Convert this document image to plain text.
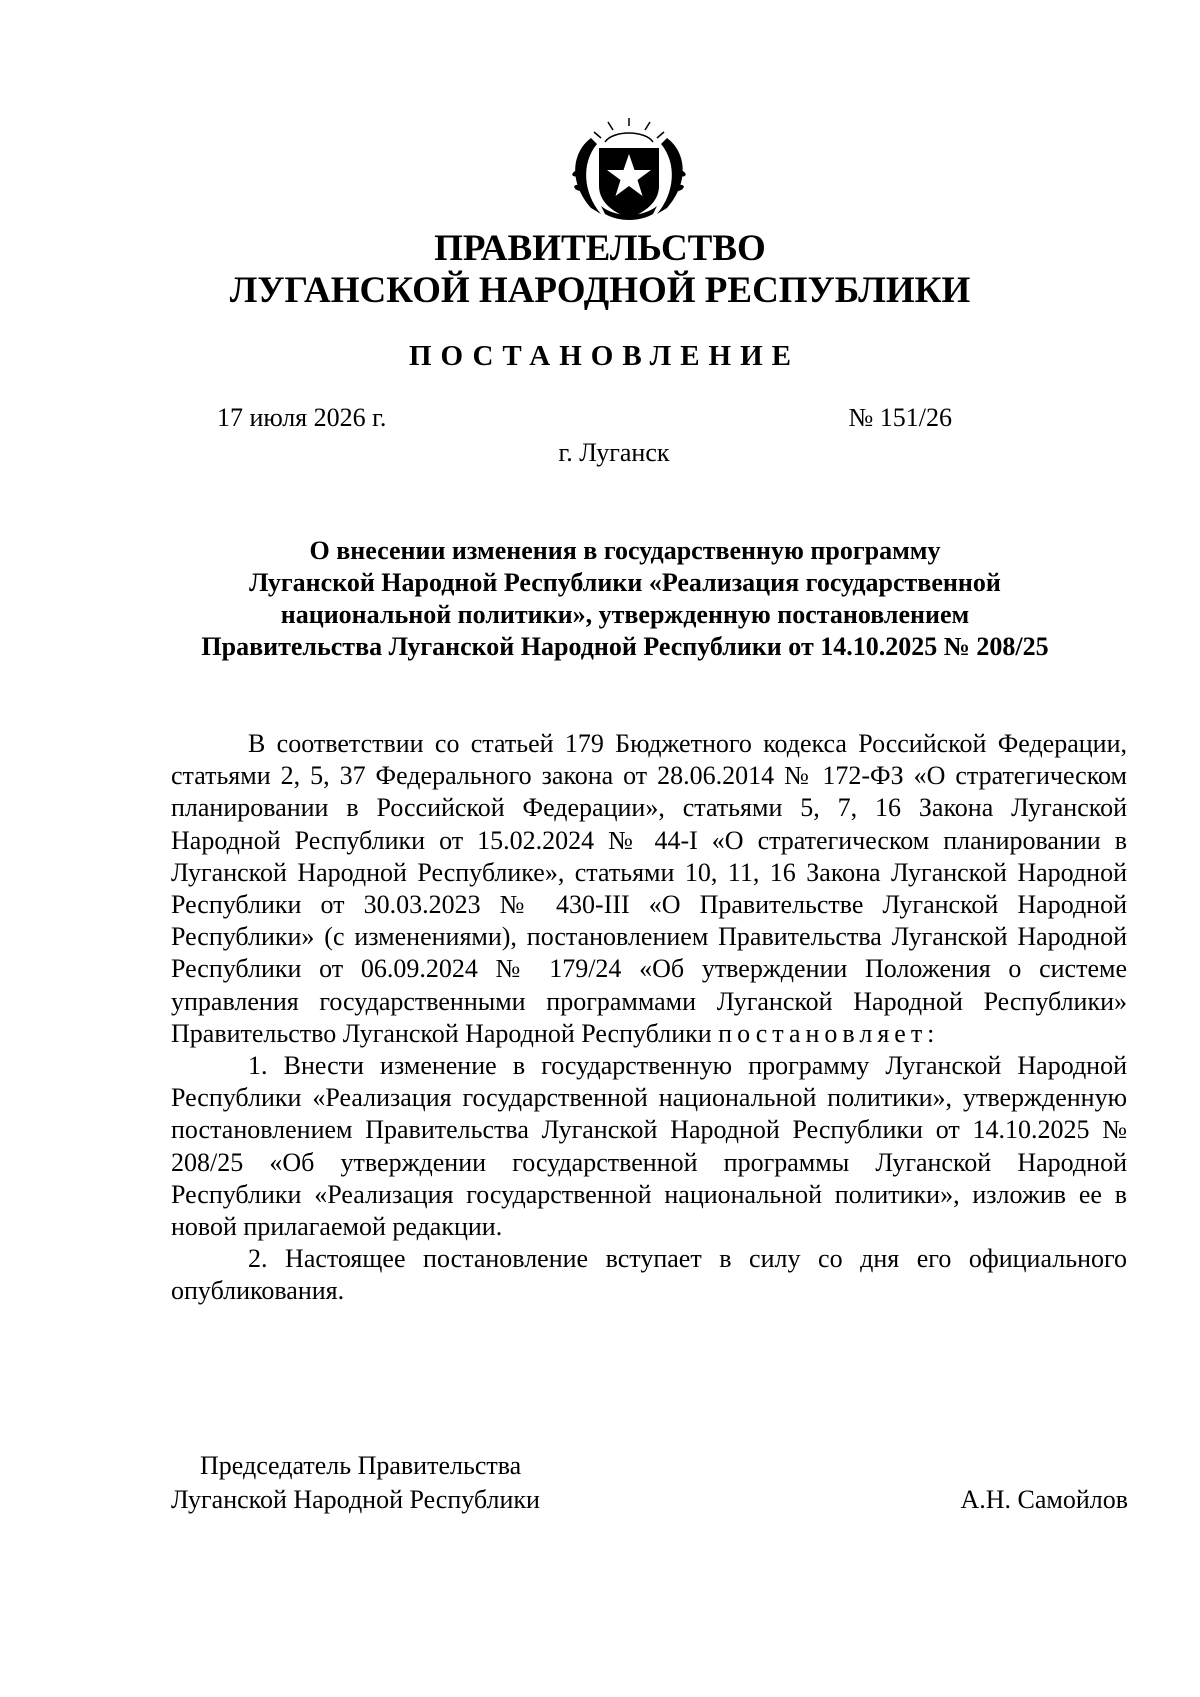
ПРАВИТЕЛЬСТВО
ЛУГАНСКОЙ НАРОДНОЙ РЕСПУБЛИКИ
ПОСТАНОВЛЕНИЕ
17 июля 2026 г.	№ 151/26
г. Луганск
О внесении изменения в государственную программу
Луганской Народной Республики «Реализация государственной
национальной политики», утвержденную постановлением
Правительства Луганской Народной Республики от 14.10.2025 № 208/25

В соответствии со статьей 179 Бюджетного кодекса Российской Федерации, статьями 2, 5, 37 Федерального закона от 28.06.2014 № 172-ФЗ «О стратегическом планировании в Российской Федерации», статьями 5, 7, 16 Закона Луганской Народной Республики от 15.02.2024 № 44-I «О стратегическом планировании в Луганской Народной Республике», статьями 10, 11, 16 Закона Луганской Народной Республики от 30.03.2023 № 430-III «О Правительстве Луганской Народной Республики» (с изменениями), постановлением Правительства Луганской Народной Республики от 06.09.2024 № 179/24 «Об утверждении Положения о системе управления государственными программами Луганской Народной Республики» Правительство Луганской Народной Республики постановляет:

1. Внести изменение в государственную программу Луганской Народной Республики «Реализация государственной национальной политики», утвержденную постановлением Правительства Луганской Народной Республики от 14.10.2025 № 208/25 «Об утверждении государственной программы Луганской Народной Республики «Реализация государственной национальной политики», изложив ее в новой прилагаемой редакции.

2. Настоящее постановление вступает в силу со дня его официального опубликования.

Председатель Правительства
Луганской Народной Республики	А.Н. Самойлов
